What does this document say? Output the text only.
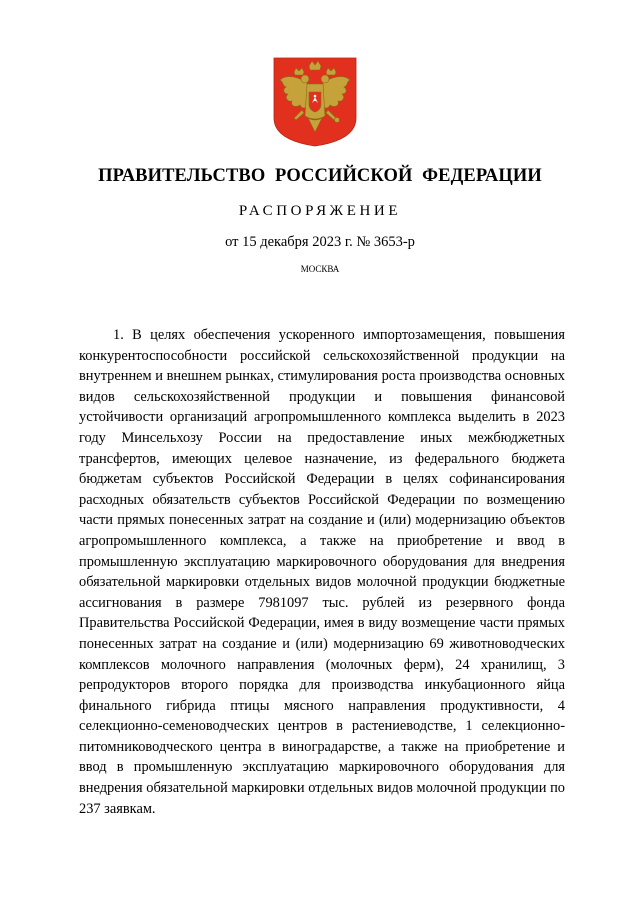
ПРАВИТЕЛЬСТВО РОССИЙСКОЙ ФЕДЕРАЦИИ
РАСПОРЯЖЕНИЕ
от 15 декабря 2023 г. № 3653-р
МОСКВА

1. В целях обеспечения ускоренного импортозамещения, повышения конкурентоспособности российской сельскохозяйственной продукции на внутреннем и внешнем рынках, стимулирования роста производства основных видов сельскохозяйственной продукции и повышения финансовой устойчивости организаций агропромышленного комплекса выделить в 2023 году Минсельхозу России на предоставление иных межбюджетных трансфертов, имеющих целевое назначение, из федерального бюджета бюджетам субъектов Российской Федерации в целях софинансирования расходных обязательств субъектов Российской Федерации по возмещению части прямых понесенных затрат на создание и (или) модернизацию объектов агропромышленного комплекса, а также на приобретение и ввод в промышленную эксплуатацию маркировочного оборудования для внедрения обязательной маркировки отдельных видов молочной продукции бюджетные ассигнования в размере 7981097 тыс. рублей из резервного фонда Правительства Российской Федерации, имея в виду возмещение части прямых понесенных затрат на создание и (или) модернизацию 69 животноводческих комплексов молочного направления (молочных ферм), 24 хранилищ, 3 репродукторов второго порядка для производства инкубационного яйца финального гибрида птицы мясного направления продуктивности, 4 селекционно-семеноводческих центров в растениеводстве, 1 селекционно-питомниководческого центра в виноградарстве, а также на приобретение и ввод в промышленную эксплуатацию маркировочного оборудования для внедрения обязательной маркировки отдельных видов молочной продукции по 237 заявкам.
